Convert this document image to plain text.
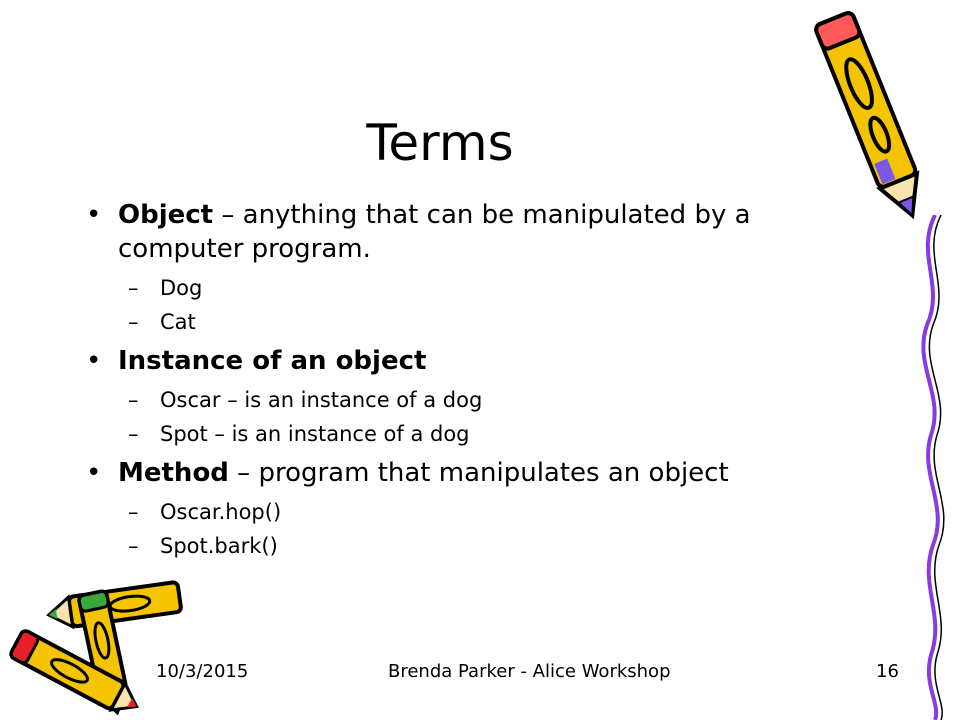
Terms
• Object – anything that can be manipulated by a computer program.
– Dog
– Cat
• Instance of an object
– Oscar – is an instance of a dog
– Spot – is an instance of a dog
• Method – program that manipulates an object
– Oscar.hop()
– Spot.bark()
10/3/2015	Brenda Parker - Alice Workshop	16
